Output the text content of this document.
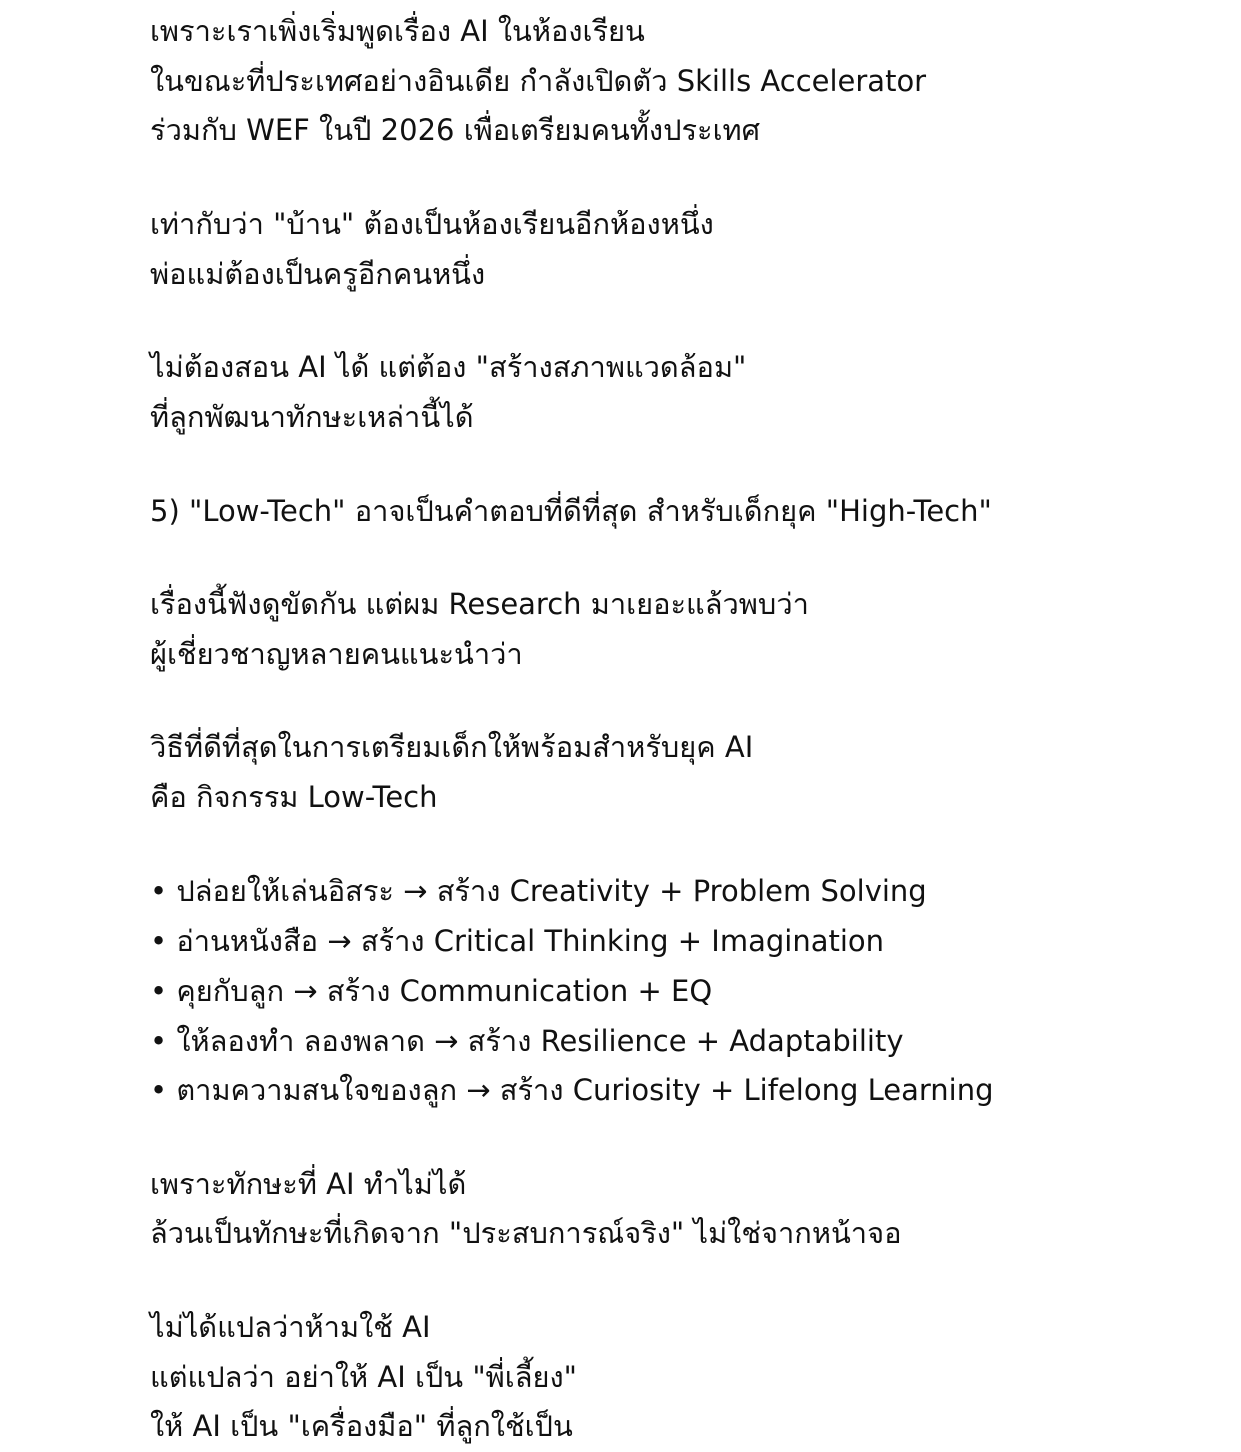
เพราะเราเพิ่งเริ่มพูดเรื่อง AI ในห้องเรียน
ในขณะที่ประเทศอย่างอินเดีย กำลังเปิดตัว Skills Accelerator
ร่วมกับ WEF ในปี 2026 เพื่อเตรียมคนทั้งประเทศ
เท่ากับว่า "บ้าน" ต้องเป็นห้องเรียนอีกห้องหนึ่ง
พ่อแม่ต้องเป็นครูอีกคนหนึ่ง
ไม่ต้องสอน AI ได้ แต่ต้อง "สร้างสภาพแวดล้อม"
ที่ลูกพัฒนาทักษะเหล่านี้ได้
5) "Low-Tech" อาจเป็นคำตอบที่ดีที่สุด สำหรับเด็กยุค "High-Tech"
เรื่องนี้ฟังดูขัดกัน แต่ผม Research มาเยอะแล้วพบว่า
ผู้เชี่ยวชาญหลายคนแนะนำว่า
วิธีที่ดีที่สุดในการเตรียมเด็กให้พร้อมสำหรับยุค AI
คือ กิจกรรม Low-Tech
• ปล่อยให้เล่นอิสระ → สร้าง Creativity + Problem Solving
• อ่านหนังสือ → สร้าง Critical Thinking + Imagination
• คุยกับลูก → สร้าง Communication + EQ
• ให้ลองทำ ลองพลาด → สร้าง Resilience + Adaptability
• ตามความสนใจของลูก → สร้าง Curiosity + Lifelong Learning
เพราะทักษะที่ AI ทำไม่ได้
ล้วนเป็นทักษะที่เกิดจาก "ประสบการณ์จริง" ไม่ใช่จากหน้าจอ
ไม่ได้แปลว่าห้ามใช้ AI
แต่แปลว่า อย่าให้ AI เป็น "พี่เลี้ยง"
ให้ AI เป็น "เครื่องมือ" ที่ลูกใช้เป็น
